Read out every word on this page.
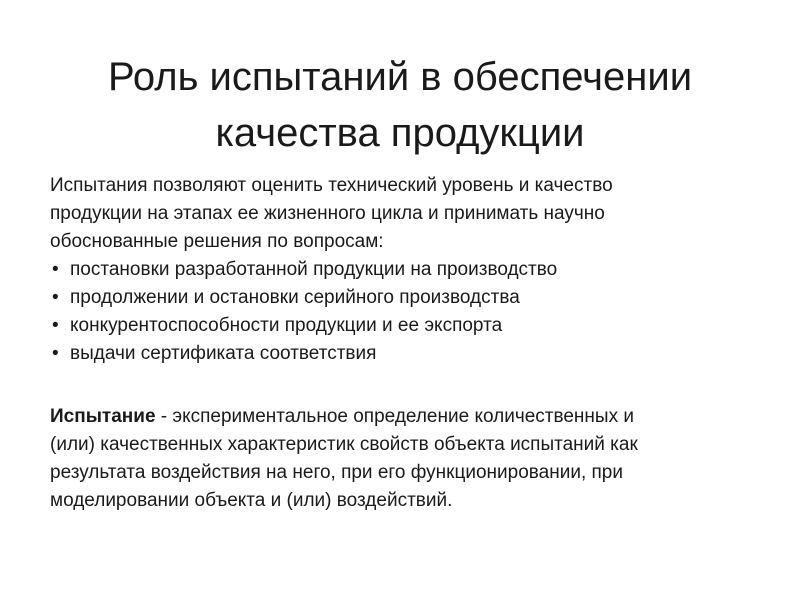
Роль испытаний в обеспечении
качества продукции
Испытания позволяют оценить технический уровень и качество
продукции на этапах ее жизненного цикла и принимать научно
обоснованные решения по вопросам:
• постановки разработанной продукции на производство
• продолжении и остановки серийного производства
• конкурентоспособности продукции и ее экспорта
• выдачи сертификата соответствия
Испытание - экспериментальное определение количественных и
(или) качественных характеристик свойств объекта испытаний как
результата воздействия на него, при его функционировании, при
моделировании объекта и (или) воздействий.
